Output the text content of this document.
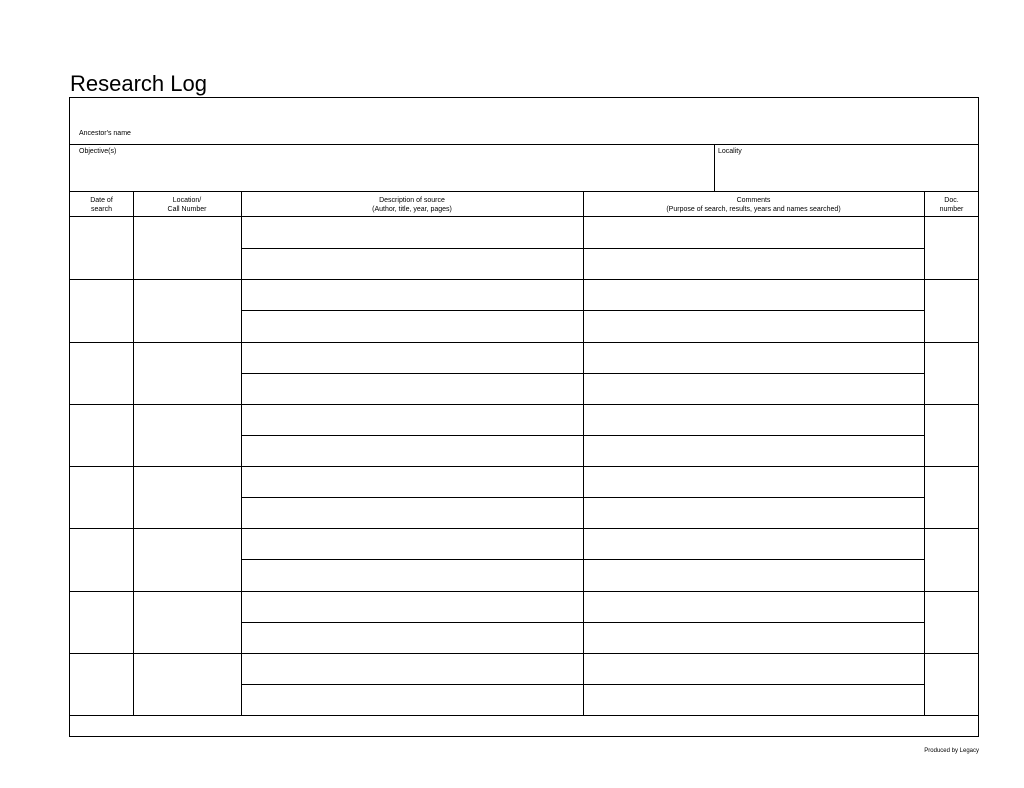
Research Log
Ancestor's name
Objective(s)	Locality
Date of
search
Location/
Call Number
Description of source
(Author, title, year, pages)
Comments
(Purpose of search, results, years and names searched)
Doc.
number
Produced by Legacy
